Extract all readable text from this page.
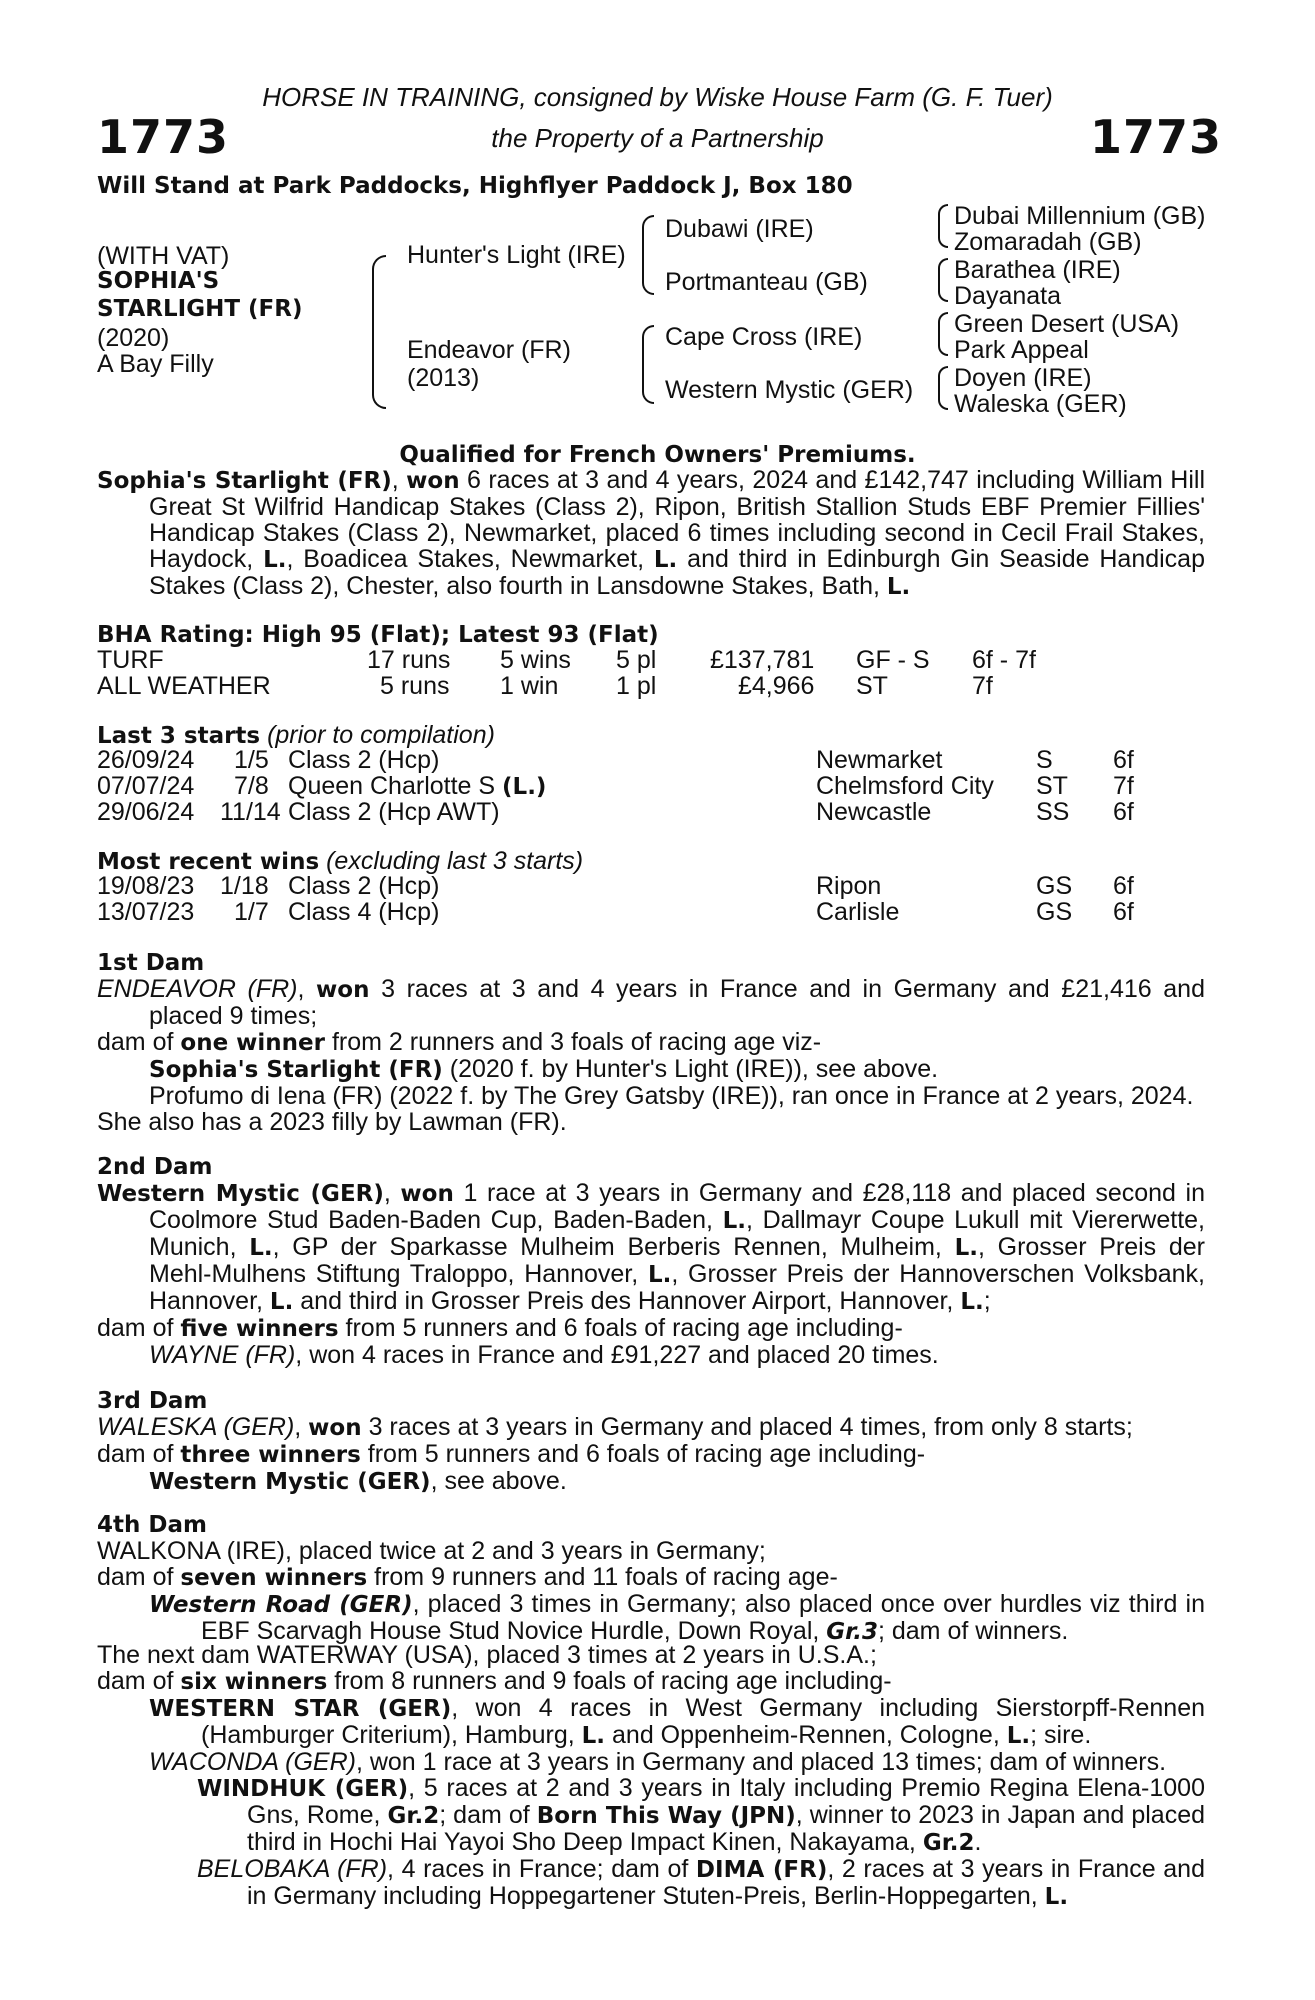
HORSE IN TRAINING, consigned by Wiske House Farm (G. F. Tuer)
the Property of a Partnership
1773	1773
Will Stand at Park Paddocks, Highflyer Paddock J, Box 180
(WITH VAT)
SOPHIA'S
STARLIGHT (FR)
(2020)
A Bay Filly
Hunter's Light (IRE)
Endeavor (FR)
(2013)
Dubawi (IRE)
Portmanteau (GB)
Cape Cross (IRE)
Western Mystic (GER)
Dubai Millennium (GB)
Zomaradah (GB)
Barathea (IRE)
Dayanata
Green Desert (USA)
Park Appeal
Doyen (IRE)
Waleska (GER)
Qualified for French Owners' Premiums.

Sophia's Starlight (FR), won 6 races at 3 and 4 years, 2024 and £142,747 including William Hill Great St Wilfrid Handicap Stakes (Class 2), Ripon, British Stallion Studs EBF Premier Fillies' Handicap Stakes (Class 2), Newmarket, placed 6 times including second in Cecil Frail Stakes, Haydock, L., Boadicea Stakes, Newmarket, L. and third in Edinburgh Gin Seaside Handicap Stakes (Class 2), Chester, also fourth in Lansdowne Stakes, Bath, L.

BHA Rating: High 95 (Flat); Latest 93 (Flat)
TURF	17 runs 5 wins 5 pl £137,781 GF - S 6f - 7f
ALL WEATHER	5 runs 1 win 1 pl	£4,966 ST	7f
Last 3 starts (prior to compilation)
26/09/24 1/5 Class 2 (Hcp)	Newmarket	S 6f
07/07/24 7/8 Queen Charlotte S (L.)	Chelmsford City ST 7f
29/06/24 11/14 Class 2 (Hcp AWT)	Newcastle	SS 6f
Most recent wins (excluding last 3 starts)
19/08/23 1/18 Class 2 (Hcp)	Ripon	GS 6f
13/07/23 1/7 Class 4 (Hcp)	Carlisle	GS 6f

1st Dam

ENDEAVOR (FR), won 3 races at 3 and 4 years in France and in Germany and £21,416 and placed 9 times;

dam of one winner from 2 runners and 3 foals of racing age viz-

Sophia's Starlight (FR) (2020 f. by Hunter's Light (IRE)), see above.

Profumo di Iena (FR) (2022 f. by The Grey Gatsby (IRE)), ran once in France at 2 years, 2024.

She also has a 2023 filly by Lawman (FR).

2nd Dam

Western Mystic (GER), won 1 race at 3 years in Germany and £28,118 and placed second in Coolmore Stud Baden-Baden Cup, Baden-Baden, L., Dallmayr Coupe Lukull mit Viererwette, Munich, L., GP der Sparkasse Mulheim Berberis Rennen, Mulheim, L., Grosser Preis der Mehl-Mulhens Stiftung Traloppo, Hannover, L., Grosser Preis der Hannoverschen Volksbank, Hannover, L. and third in Grosser Preis des Hannover Airport, Hannover, L.;

dam of five winners from 5 runners and 6 foals of racing age including-

WAYNE (FR), won 4 races in France and £91,227 and placed 20 times.

3rd Dam

WALESKA (GER), won 3 races at 3 years in Germany and placed 4 times, from only 8 starts;

dam of three winners from 5 runners and 6 foals of racing age including-

Western Mystic (GER), see above.

4th Dam

WALKONA (IRE), placed twice at 2 and 3 years in Germany;

dam of seven winners from 9 runners and 11 foals of racing age-

Western Road (GER), placed 3 times in Germany; also placed once over hurdles viz third in EBF Scarvagh House Stud Novice Hurdle, Down Royal, Gr.3; dam of winners.

The next dam WATERWAY (USA), placed 3 times at 2 years in U.S.A.;

dam of six winners from 8 runners and 9 foals of racing age including-

WESTERN STAR (GER), won 4 races in West Germany including Sierstorpff-Rennen (Hamburger Criterium), Hamburg, L. and Oppenheim-Rennen, Cologne, L.; sire.

WACONDA (GER), won 1 race at 3 years in Germany and placed 13 times; dam of winners.

WINDHUK (GER), 5 races at 2 and 3 years in Italy including Premio Regina Elena-1000 Gns, Rome, Gr.2; dam of Born This Way (JPN), winner to 2023 in Japan and placed third in Hochi Hai Yayoi Sho Deep Impact Kinen, Nakayama, Gr.2.

BELOBAKA (FR), 4 races in France; dam of DIMA (FR), 2 races at 3 years in France and in Germany including Hoppegartener Stuten-Preis, Berlin-Hoppegarten, L.
